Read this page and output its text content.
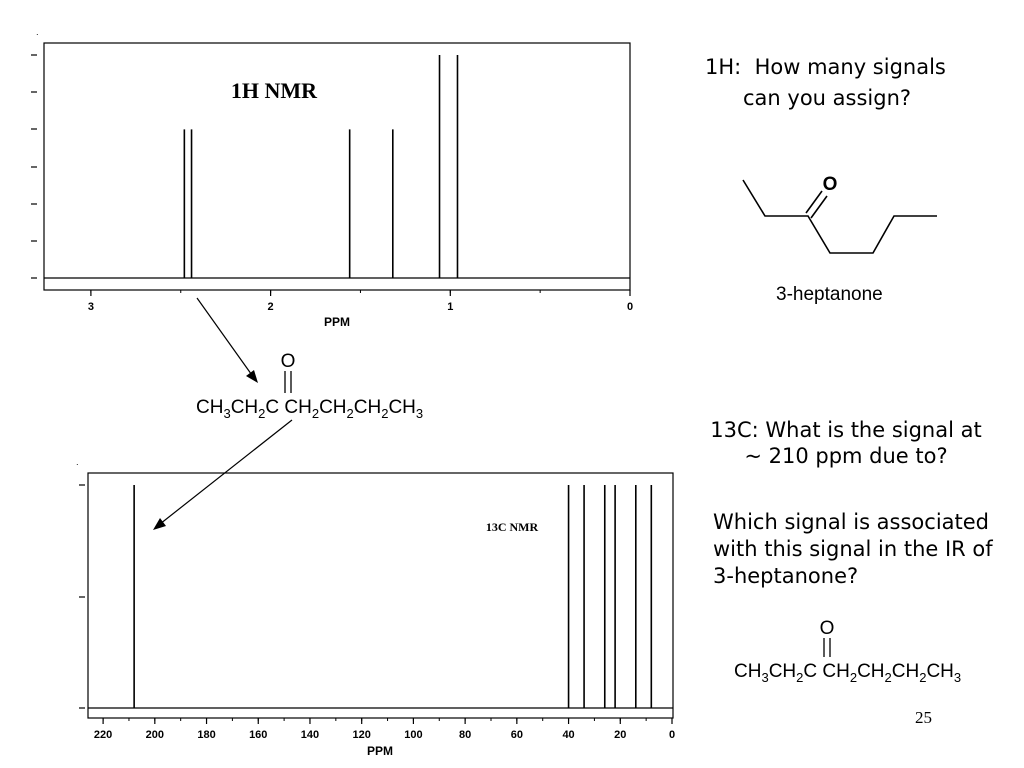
3	2	1	0
1H NMR
PPM
.
220	200	180	160	140	120	100	80	60	40	20	0
13C NMR
PPM
.
O
$CH_3CH_2C$ $CH_2CH_2CH_2CH_3$
O
O
$CH_3CH_2C$ $CH_2CH_2CH_2CH_3$
1H:  How many signals
can you assign?
3-heptanone
13C: What is the signal at
~ 210 ppm due to?
Which signal is associated
with this signal in the IR of
3-heptanone?
25
